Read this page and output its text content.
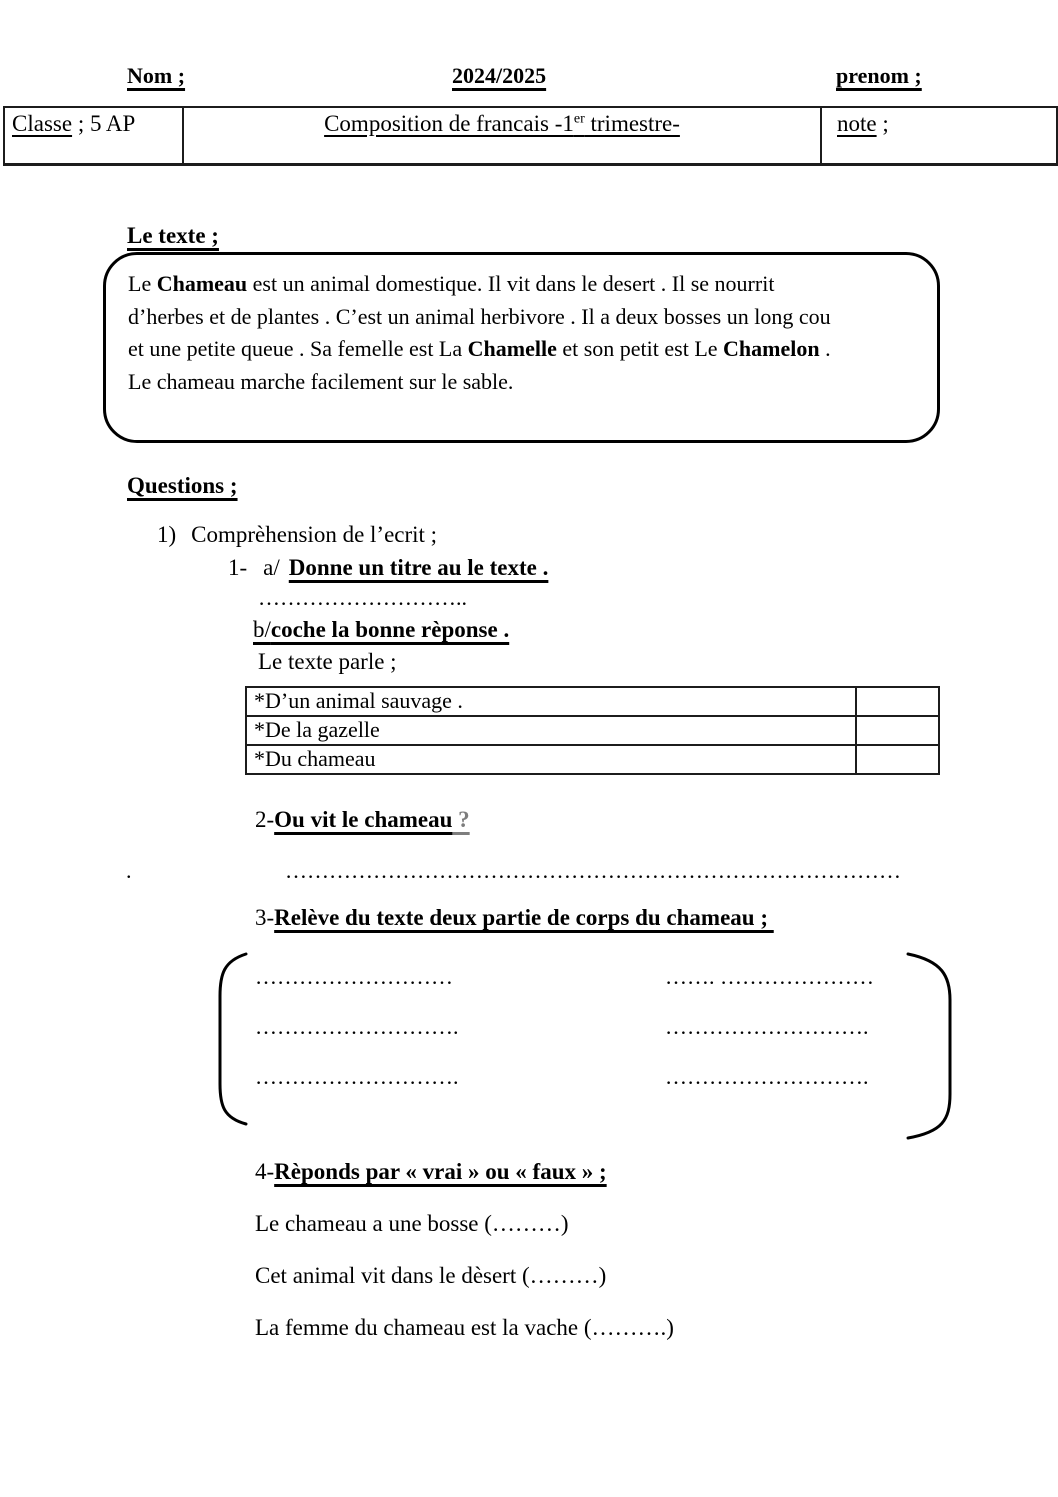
Nom ;	2024/2025	prenom ;
Classe ; 5 AP	Composition de francais -1er trimestre-	note ;
Le texte ;
Le Chameau est un animal domestique. Il vit dans le desert . Il se nourrit
d’herbes et de plantes . C’est un animal herbivore . Il a deux bosses un long cou
et une petite queue . Sa femelle est La Chamelle et son petit est Le Chamelon .
Le chameau marche facilement sur le sable.
Questions ;
1) Comprèhension de l’ecrit ;
1- a/ Donne un titre au le texte .
………………………..
b/coche la bonne rèponse .
Le texte parle ;
*D’un animal sauvage .
*De la gazelle
*Du chameau
2-Ou vit le chameau ?
.	…………………………………………………………………………
3-Relève du texte deux partie de corps du chameau ;
………………………	……. …………………
……………………….	……………………….
……………………….	……………………….
4-Rèponds par « vrai » ou « faux » ;
Le chameau a une bosse (………)
Cet animal vit dans le dèsert (………)
La femme du chameau est la vache (……….)
